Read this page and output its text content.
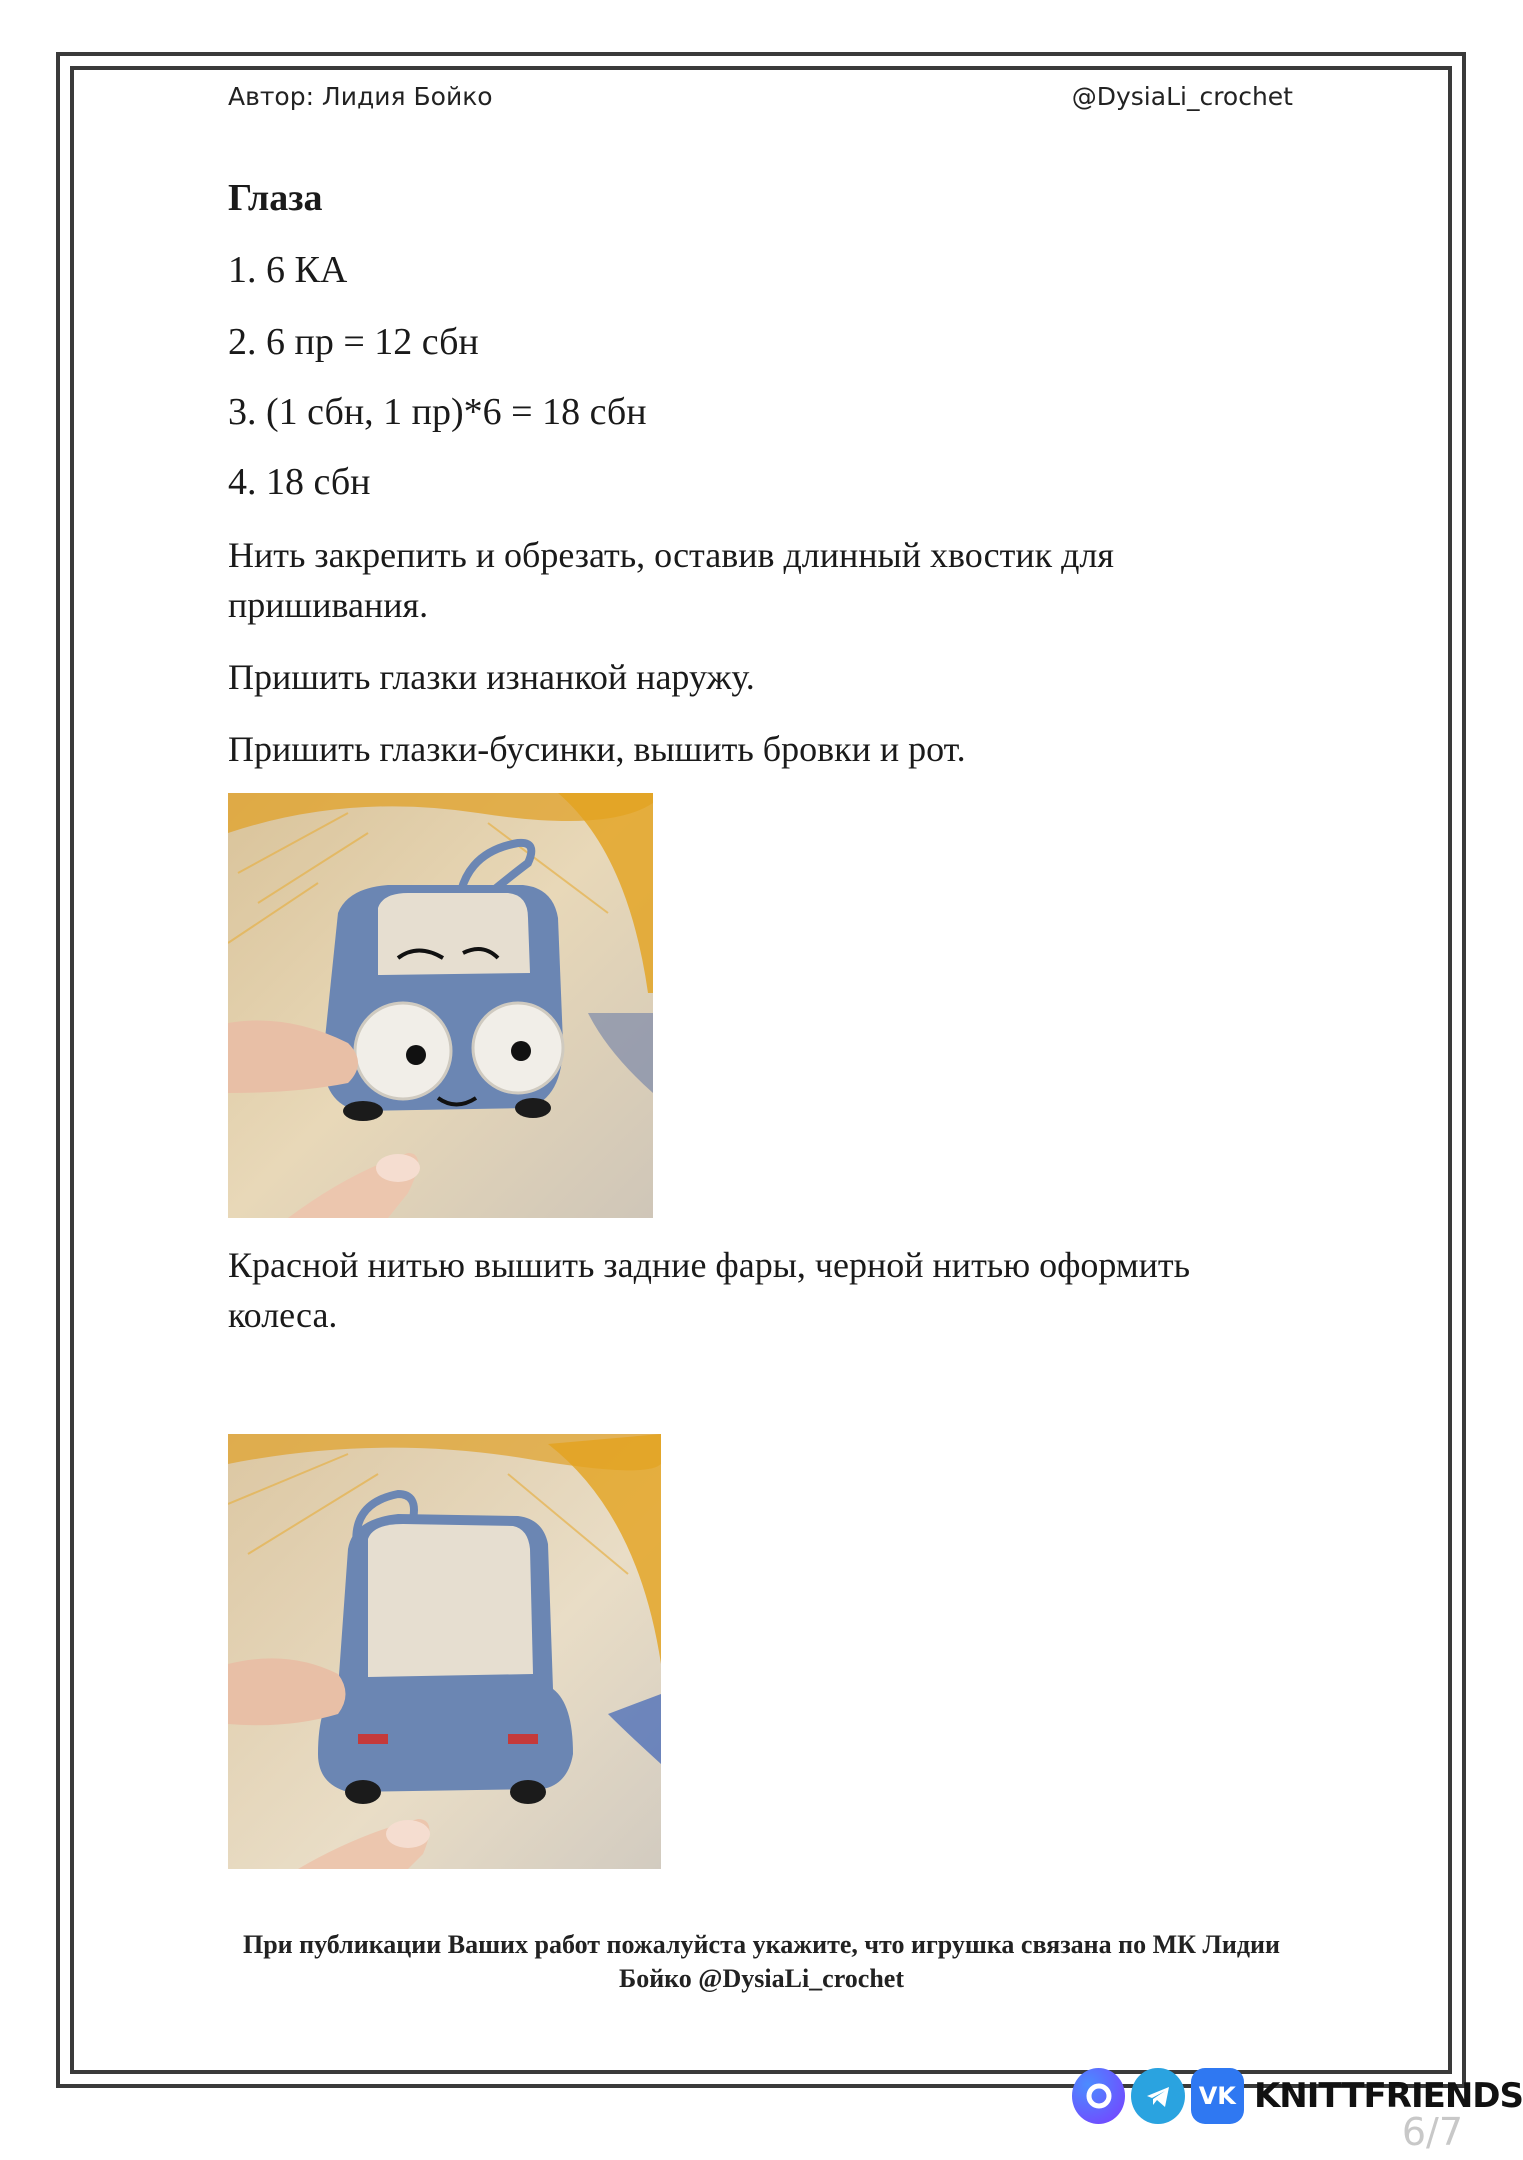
Автор: Лидия Бойко	@DysiaLi_crochet
Глаза
1. 6 КА
2. 6 пр = 12 сбн
3. (1 сбн, 1 пр)*6 = 18 сбн
4. 18 сбн
Нить закрепить и обрезать, оставив длинный хвостик для пришивания.
Пришить глазки изнанкой наружу.
Пришить глазки-бусинки, вышить бровки и рот.
Красной нитью вышить задние фары, черной нитью оформить колеса.
При публикации Ваших работ пожалуйста укажите, что игрушка связана по МК Лидии Бойко @DysiaLi_crochet
VK KNITTFRIENDS
6/7
